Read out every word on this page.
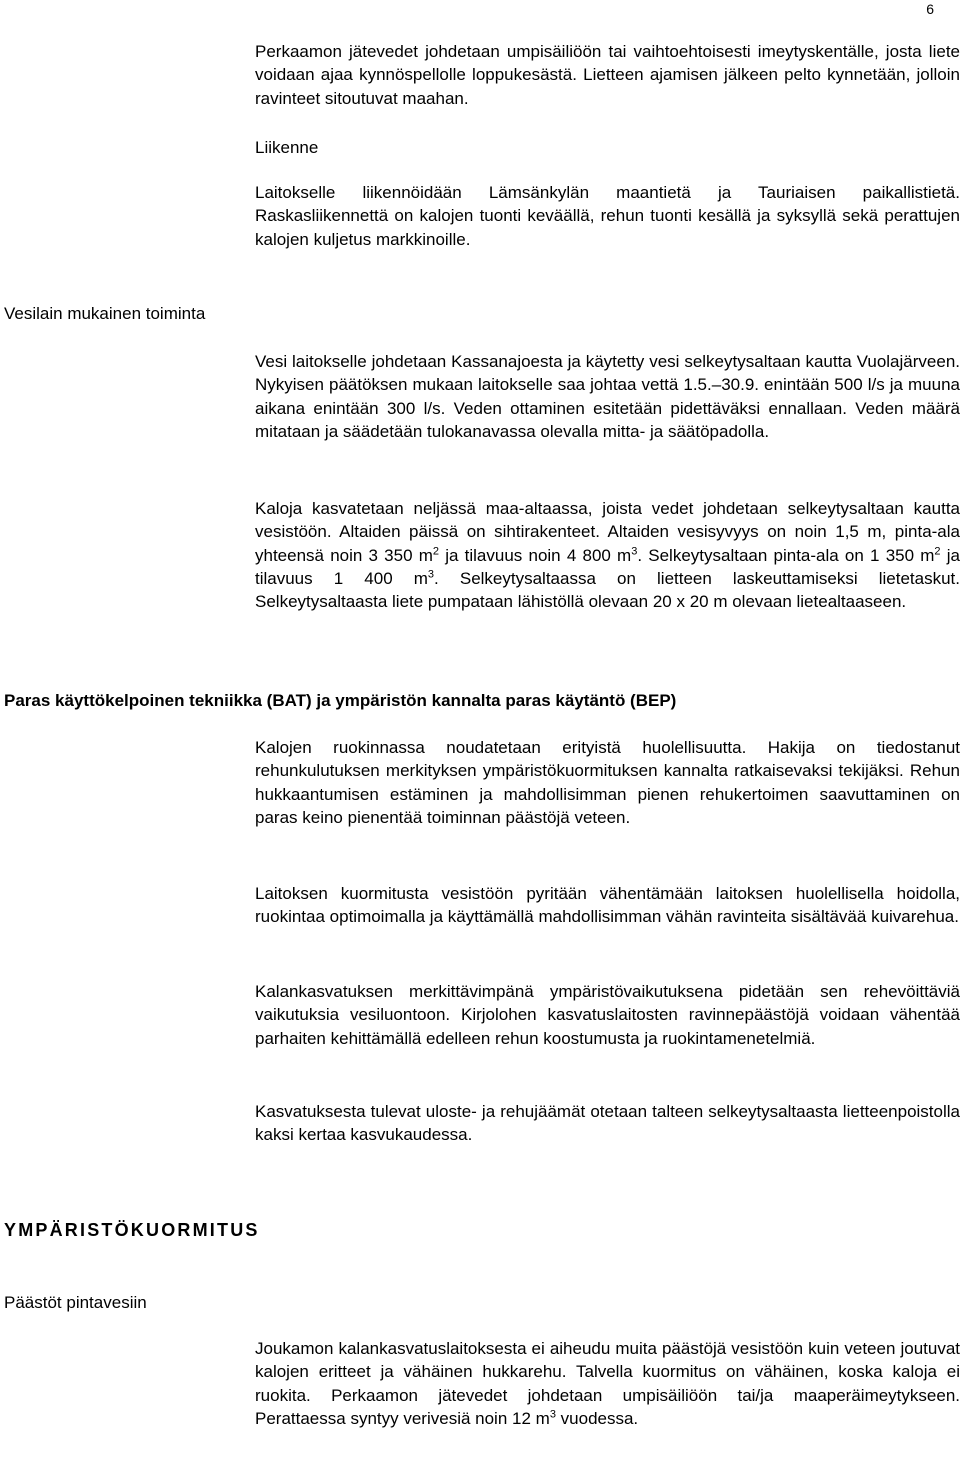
6

Perkaamon jätevedet johdetaan umpisäiliöön tai vaihtoehtoisesti imeytyskentälle, josta liete voidaan ajaa kynnöspellolle loppukesästä. Lietteen ajamisen jälkeen pelto kynnetään, jolloin ravinteet sitoutuvat maahan.

Liikenne

Laitokselle liikennöidään Lämsänkylän maantietä ja Tauriaisen paikallistietä. Raskasliikennettä on kalojen tuonti keväällä, rehun tuonti kesällä ja syksyllä sekä perattujen kalojen kuljetus markkinoille.

Vesilain mukainen toiminta

Vesi laitokselle johdetaan Kassanajoesta ja käytetty vesi selkeytysaltaan kautta Vuolajärveen. Nykyisen päätöksen mukaan laitokselle saa johtaa vettä 1.5.–30.9. enintään 500 l/s ja muuna aikana enintään 300 l/s. Veden ottaminen esitetään pidettäväksi ennallaan. Veden määrä mitataan ja säädetään tulokanavassa olevalla mitta- ja säätöpadolla.

Kaloja kasvatetaan neljässä maa-altaassa, joista vedet johdetaan selkeytysaltaan kautta vesistöön. Altaiden päissä on sihtirakenteet. Altaiden vesisyvyys on noin 1,5 m, pinta-ala yhteensä noin 3 350 $m^2$ ja tilavuus noin 4 800 $m^3$. Selkeytysaltaan pinta-ala on 1 350 $m^2$ ja tilavuus 1 400 $m^3$. Selkeytysaltaassa on lietteen laskeuttamiseksi lietetaskut. Selkeytysaltaasta liete pumpataan lähistöllä olevaan 20 x 20 m olevaan lietealtaaseen.

Paras käyttökelpoinen tekniikka (BAT) ja ympäristön kannalta paras käytäntö (BEP)

Kalojen ruokinnassa noudatetaan erityistä huolellisuutta. Hakija on tiedostanut rehunkulutuksen merkityksen ympäristökuormituksen kannalta ratkaisevaksi tekijäksi. Rehun hukkaantumisen estäminen ja mahdollisimman pienen rehukertoimen saavuttaminen on paras keino pienentää toiminnan päästöjä veteen.

Laitoksen kuormitusta vesistöön pyritään vähentämään laitoksen huolellisella hoidolla, ruokintaa optimoimalla ja käyttämällä mahdollisimman vähän ravinteita sisältävää kuivarehua.

Kalankasvatuksen merkittävimpänä ympäristövaikutuksena pidetään sen rehevöittäviä vaikutuksia vesiluontoon. Kirjolohen kasvatuslaitosten ravinnepäästöjä voidaan vähentää parhaiten kehittämällä edelleen rehun koostumusta ja ruokintamenetelmiä.

Kasvatuksesta tulevat uloste- ja rehujäämät otetaan talteen selkeytysaltaasta lietteenpoistolla kaksi kertaa kasvukaudessa.

YMPÄRISTÖKUORMITUS

Päästöt pintavesiin

Joukamon kalankasvatuslaitoksesta ei aiheudu muita päästöjä vesistöön kuin veteen joutuvat kalojen eritteet ja vähäinen hukkarehu. Talvella kuormitus on vähäinen, koska kaloja ei ruokita. Perkaamon jätevedet johdetaan umpisäiliöön tai/ja maaperäimeytykseen. Perattaessa syntyy verivesiä noin 12 $m^3$ vuodessa.
